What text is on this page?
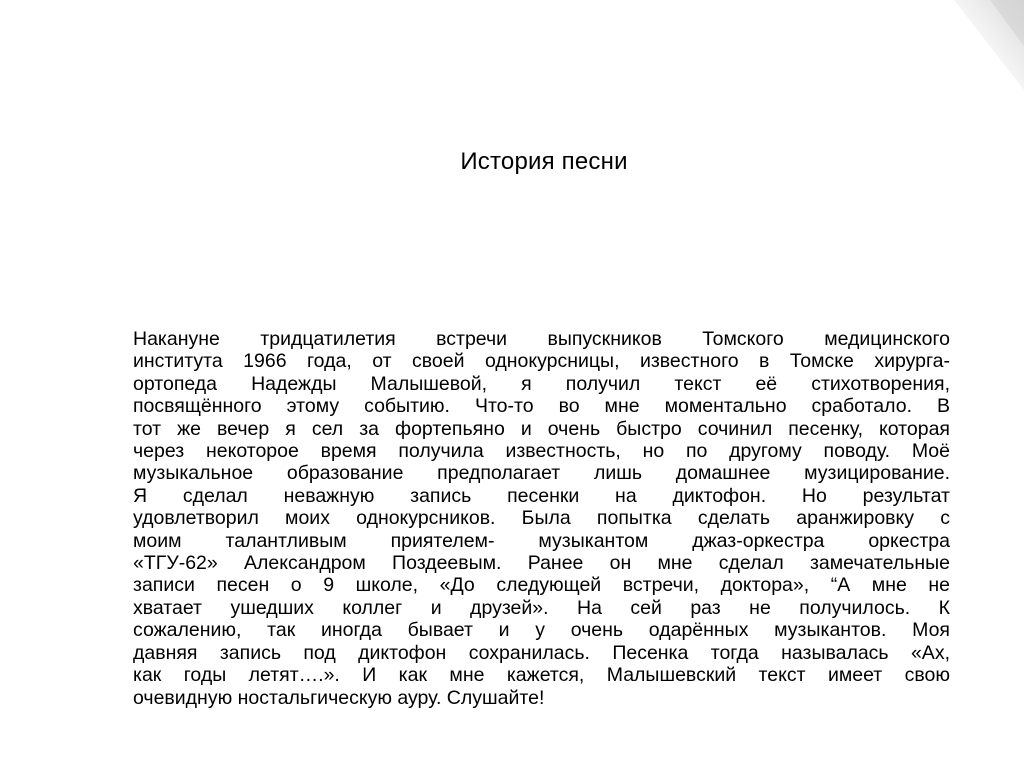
История песни
Накануне тридцатилетия встречи выпускников Томского медицинского
института 1966 года, от своей однокурсницы, известного в Томске хирурга-
ортопеда Надежды Малышевой, я получил текст её стихотворения,
посвящённого этому событию. Что-то во мне моментально сработало. В
тот же вечер я сел за фортепьяно и очень быстро сочинил песенку, которая
через некоторое время получила известность, но по другому поводу. Моё
музыкальное образование предполагает лишь домашнее музицирование.
Я сделал неважную запись песенки на диктофон. Но результат
удовлетворил моих однокурсников. Была попытка сделать аранжировку с
моим талантливым приятелем- музыкантом джаз-оркестра оркестра
«ТГУ-62» Александром Поздеевым. Ранее он мне сделал замечательные
записи песен о 9 школе, «До следующей встречи, доктора», “А мне не
хватает ушедших коллег и друзей». На сей раз не получилось. К
сожалению, так иногда бывает и у очень одарённых музыкантов. Моя
давняя запись под диктофон сохранилась. Песенка тогда называлась «Ах,
как годы летят….». И как мне кажется, Малышевский текст имеет свою
очевидную ностальгическую ауру. Слушайте!
